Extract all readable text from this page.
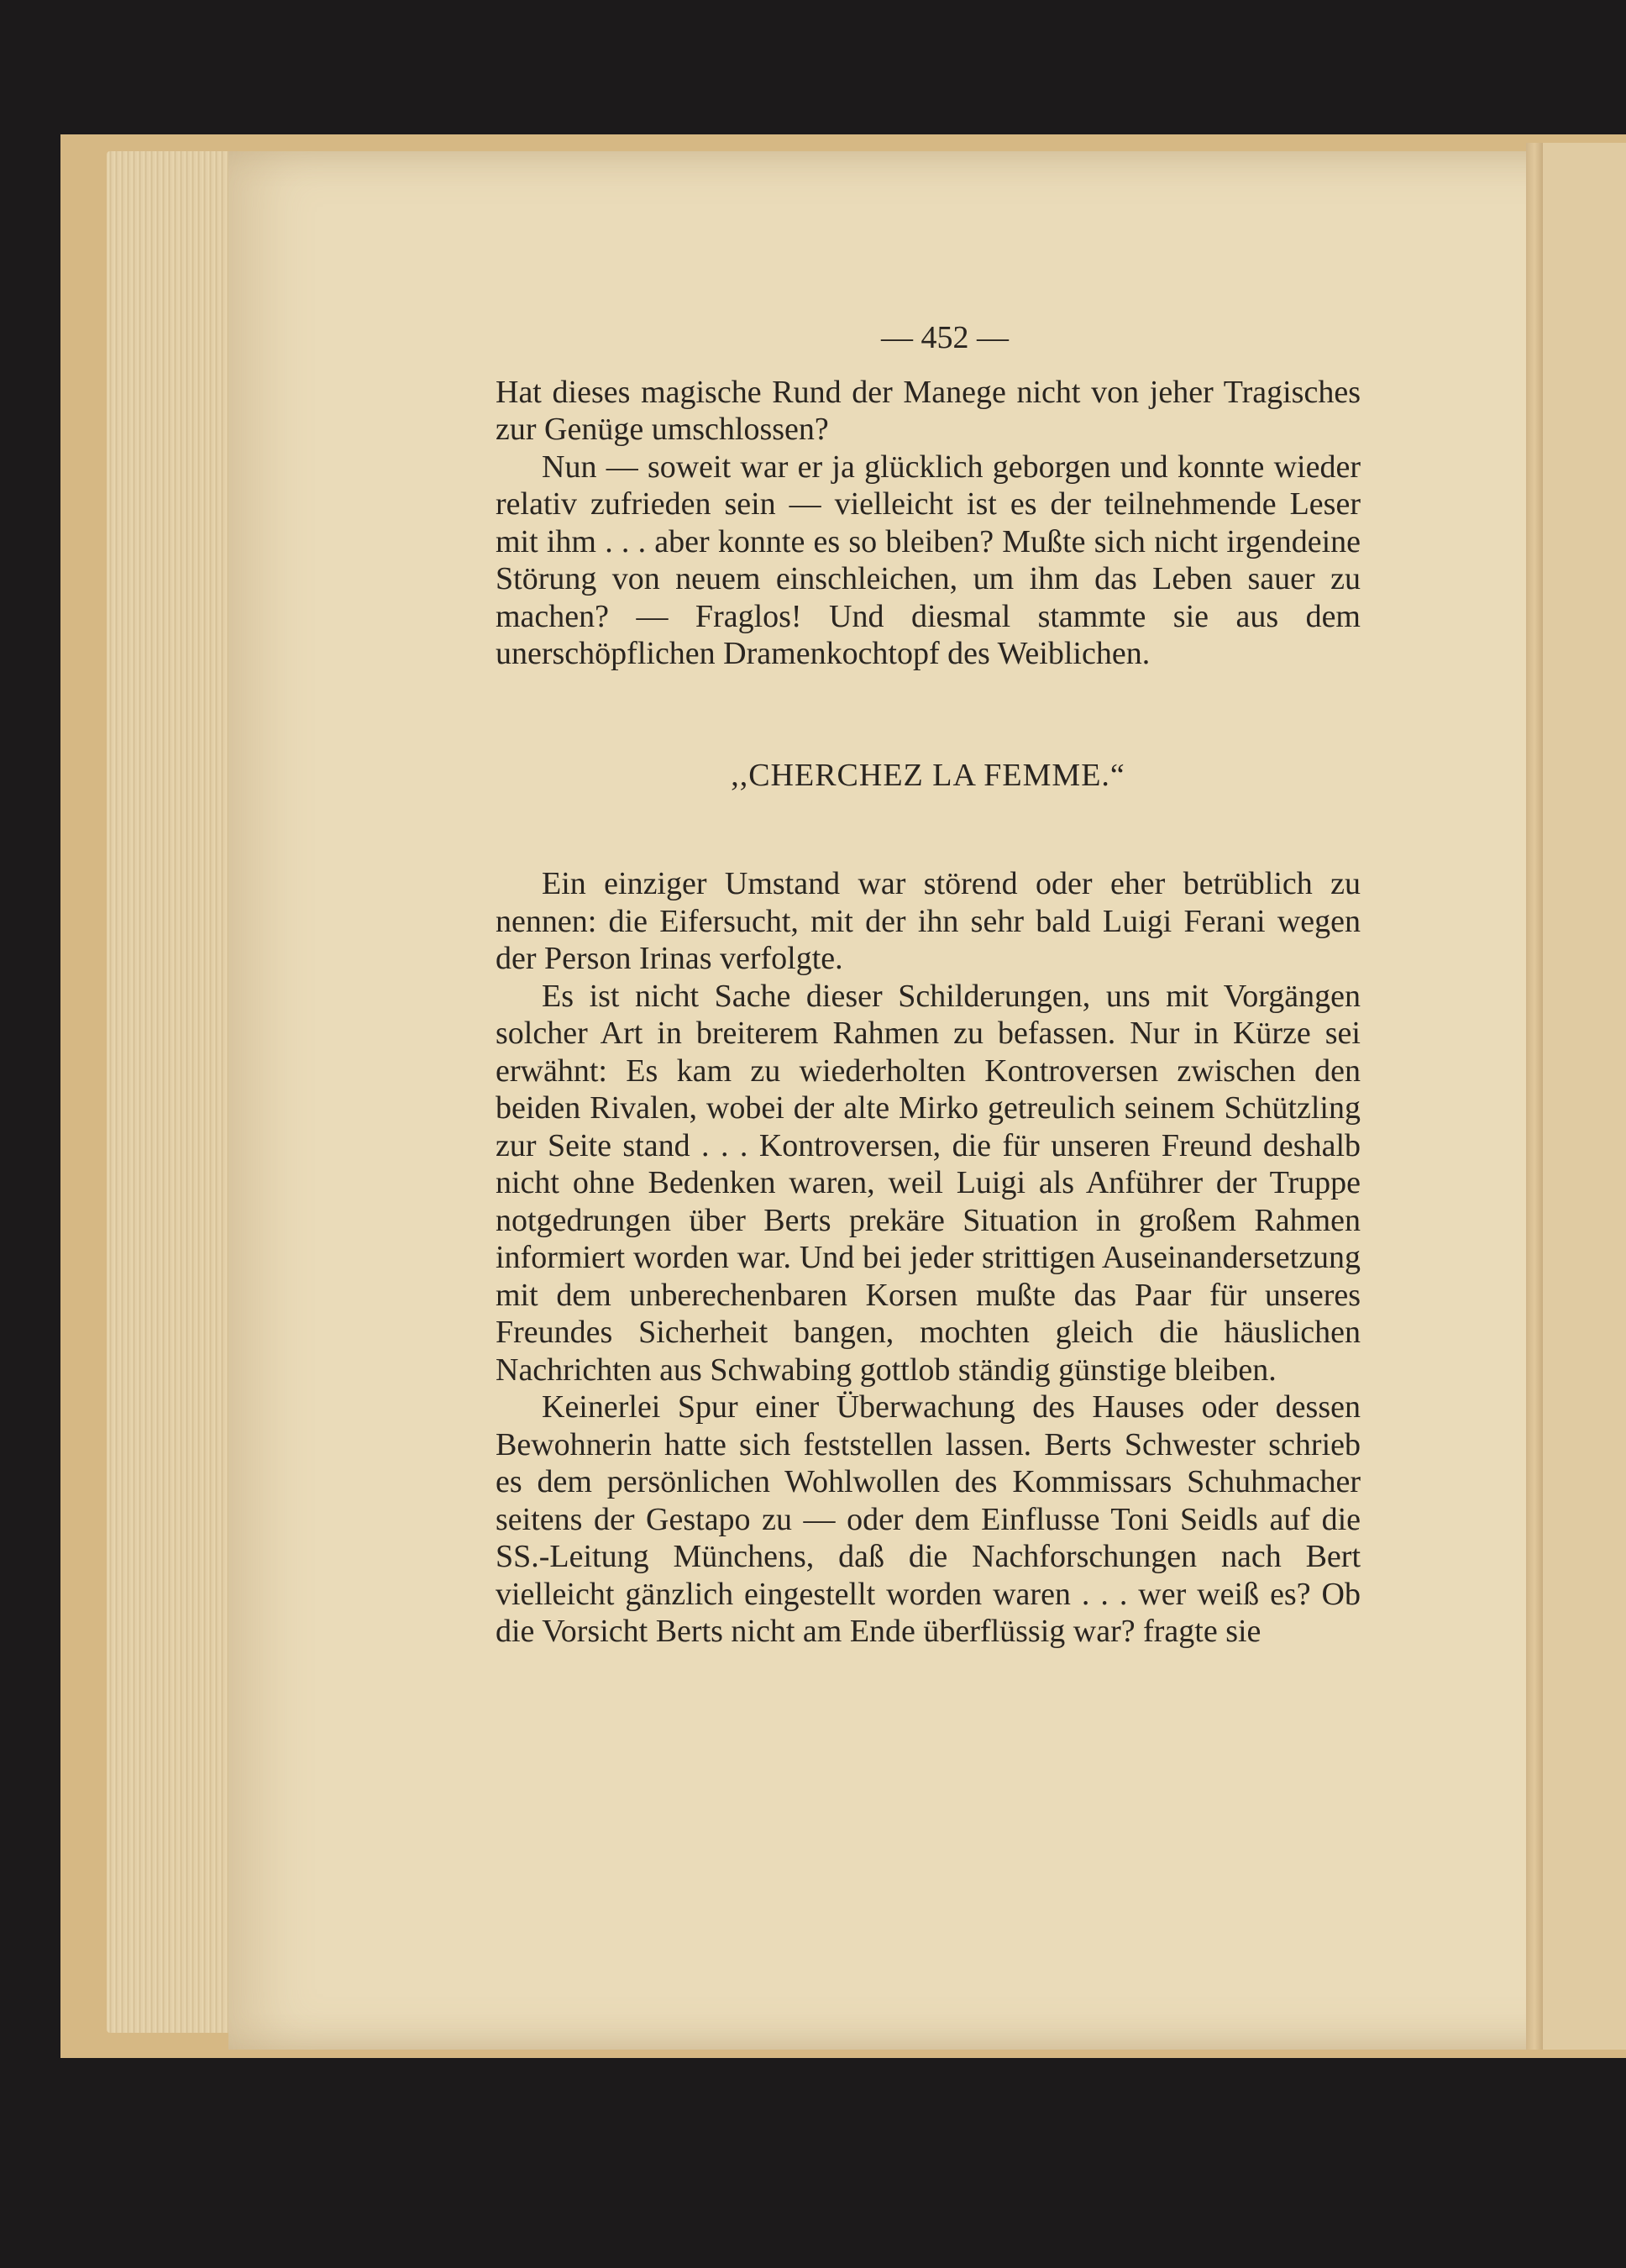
— 452 —

Hat dieses magische Rund der Manege nicht von jeher Tragisches zur Genüge umschlossen?

Nun — soweit war er ja glücklich geborgen und konnte wieder relativ zufrieden sein — vielleicht ist es der teilnehmende Leser mit ihm . . . aber konnte es so bleiben? Mußte sich nicht irgendeine Störung von neuem einschleichen, um ihm das Leben sauer zu machen? — Fraglos! Und diesmal stammte sie aus dem unerschöpflichen Dramenkochtopf des Weiblichen.

,,CHERCHEZ LA FEMME.“

Ein einziger Umstand war störend oder eher betrüblich zu nennen: die Eifersucht, mit der ihn sehr bald Luigi Ferani wegen der Person Irinas verfolgte.

Es ist nicht Sache dieser Schilderungen, uns mit Vorgängen solcher Art in breiterem Rahmen zu befassen. Nur in Kürze sei erwähnt: Es kam zu wiederholten Kontroversen zwischen den beiden Rivalen, wobei der alte Mirko getreulich seinem Schützling zur Seite stand . . . Kontroversen, die für unseren Freund deshalb nicht ohne Bedenken waren, weil Luigi als Anführer der Truppe notgedrungen über Berts prekäre Situation in großem Rahmen informiert worden war. Und bei jeder strittigen Auseinandersetzung mit dem unberechenbaren Korsen mußte das Paar für unseres Freundes Sicherheit bangen, mochten gleich die häuslichen Nachrichten aus Schwabing gottlob ständig günstige bleiben.

Keinerlei Spur einer Überwachung des Hauses oder dessen Bewohnerin hatte sich feststellen lassen. Berts Schwester schrieb es dem persönlichen Wohlwollen des Kommissars Schuhmacher seitens der Gestapo zu — oder dem Einflusse Toni Seidls auf die SS.-Leitung Münchens, daß die Nachforschungen nach Bert vielleicht gänzlich eingestellt worden waren . . . wer weiß es? Ob die Vorsicht Berts nicht am Ende überflüssig war? fragte sie
